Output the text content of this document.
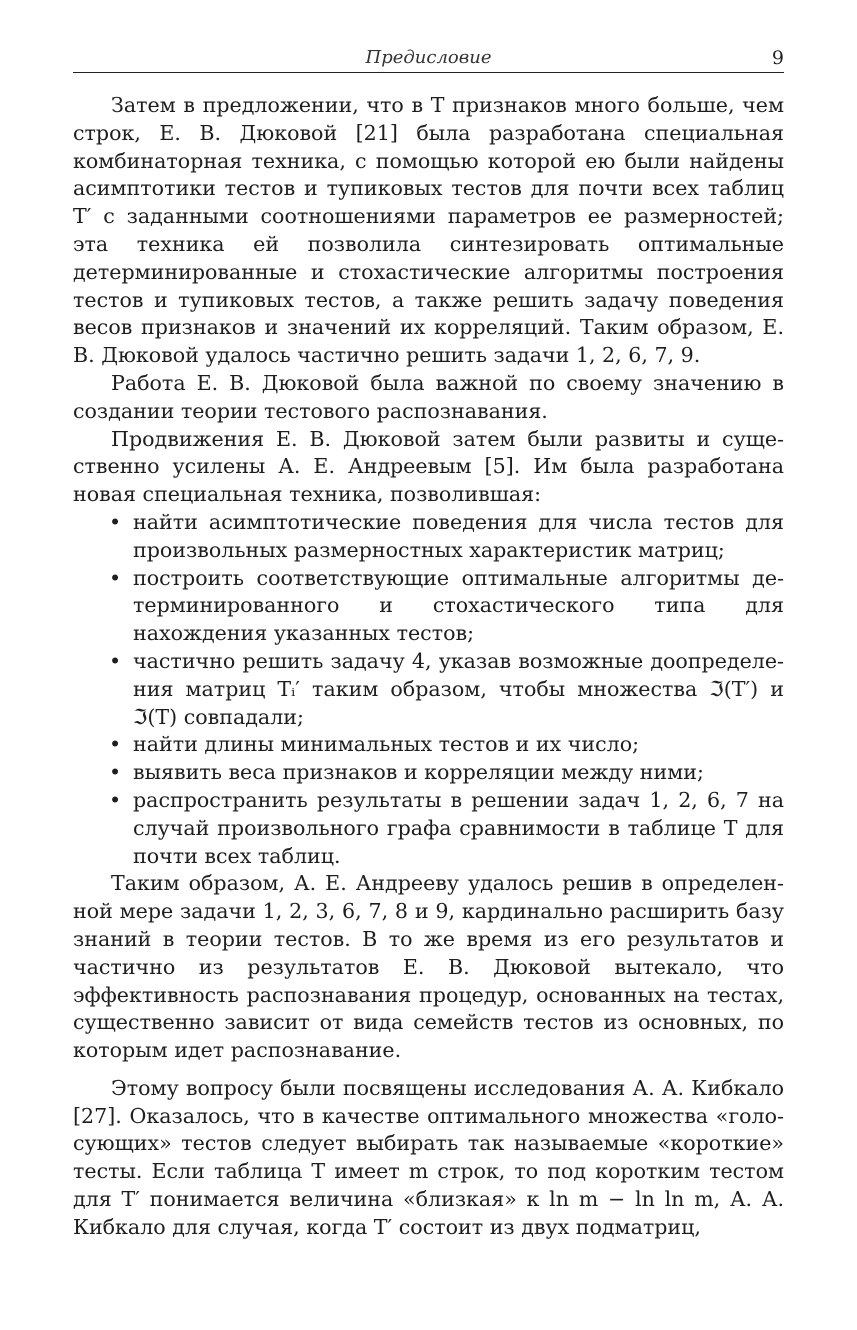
Предисловие	9

Затем в предложении, что в T признаков много больше, чем строк, Е. В. Дюковой [21] была разработана специальная комбинаторная техника, с помощью которой ею были найдены асимптотики тестов и тупиковых тестов для почти всех таблиц T′ с заданными соотношениями параметров ее размерностей; эта техника ей позволила синтезировать оптимальные детерминированные и стохастические алгоритмы построения тестов и тупиковых тестов, а также решить задачу поведения весов признаков и значений их корреляций. Таким образом, Е. В. Дюковой удалось частично решить задачи 1, 2, 6, 7, 9.

Работа Е. В. Дюковой была важной по своему значению в создании теории тестового распознавания.

Продвижения Е. В. Дюковой затем были развиты и существенно усилены А. Е. Андреевым [5]. Им была разработана новая специальная техника, позволившая:

• найти асимптотические поведения для числа тестов для произвольных размерностных характеристик матриц;
• построить соответствующие оптимальные алгоритмы детерминированного и стохастического типа для нахождения указанных тестов;
• частично решить задачу 4, указав возможные доопределения матриц Tᵢ′ таким образом, чтобы множества ℑ(T′) и ℑ(T) совпадали;
• найти длины минимальных тестов и их число;
• выявить веса признаков и корреляции между ними;
• распространить результаты в решении задач 1, 2, 6, 7 на случай произвольного графа сравнимости в таблице T для почти всех таблиц.

Таким образом, А. Е. Андрееву удалось решив в определенной мере задачи 1, 2, 3, 6, 7, 8 и 9, кардинально расширить базу знаний в теории тестов. В то же время из его результатов и частично из результатов Е. В. Дюковой вытекало, что эффективность распознавания процедур, основанных на тестах, существенно зависит от вида семейств тестов из основных, по которым идет распознавание.

Этому вопросу были посвящены исследования А. А. Кибкало [27]. Оказалось, что в качестве оптимального множества «голосующих» тестов следует выбирать так называемые «короткие» тесты. Если таблица T имеет m строк, то под коротким тестом для T′ понимается величина «близкая» к ln m − ln ln m, А. А. Кибкало для случая, когда T′ состоит из двух подматриц,
